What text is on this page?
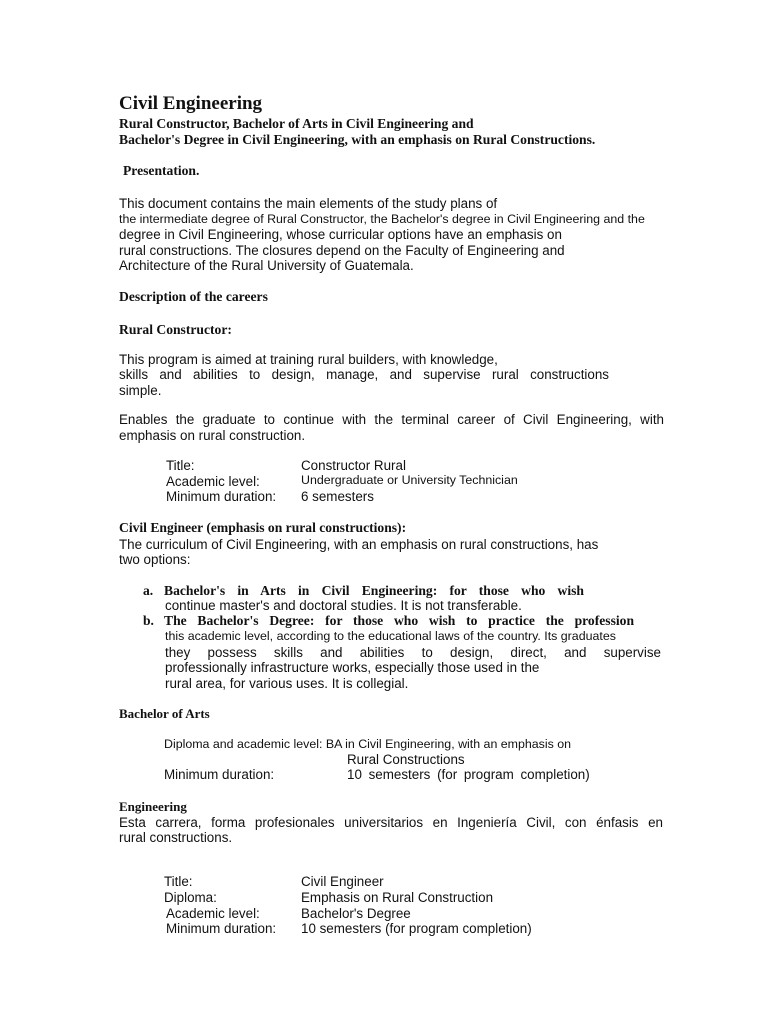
Civil Engineering
Rural Constructor, Bachelor of Arts in Civil Engineering and
Bachelor's Degree in Civil Engineering, with an emphasis on Rural Constructions.
Presentation.
This document contains the main elements of the study plans of
the intermediate degree of Rural Constructor, the Bachelor's degree in Civil Engineering and the
degree in Civil Engineering, whose curricular options have an emphasis on
rural constructions. The closures depend on the Faculty of Engineering and
Architecture of the Rural University of Guatemala.
Description of the careers
Rural Constructor:
This program is aimed at training rural builders, with knowledge,
skills and abilities to design, manage, and supervise rural constructions
simple.
Enables the graduate to continue with the terminal career of Civil Engineering, with
emphasis on rural construction.
Title:	Constructor Rural
Academic level:	Undergraduate or University Technician
Minimum duration: 6 semesters
Civil Engineer (emphasis on rural constructions):
The curriculum of Civil Engineering, with an emphasis on rural constructions, has
two options:
a. Bachelor's in Arts in Civil Engineering: for those who wish
continue master's and doctoral studies. It is not transferable.
b. The Bachelor's Degree: for those who wish to practice the profession
this academic level, according to the educational laws of the country. Its graduates
they possess skills and abilities to design, direct, and supervise
professionally infrastructure works, especially those used in the
rural area, for various uses. It is collegial.
Bachelor of Arts
Diploma and academic level: BA in Civil Engineering, with an emphasis on
Rural Constructions
Minimum duration:	10 semesters (for program completion)
Engineering
Esta carrera, forma profesionales universitarios en Ingeniería Civil, con énfasis en
rural constructions.
Title:	Civil Engineer
Diploma:	Emphasis on Rural Construction
Academic level:	Bachelor's Degree
Minimum duration: 10 semesters (for program completion)
